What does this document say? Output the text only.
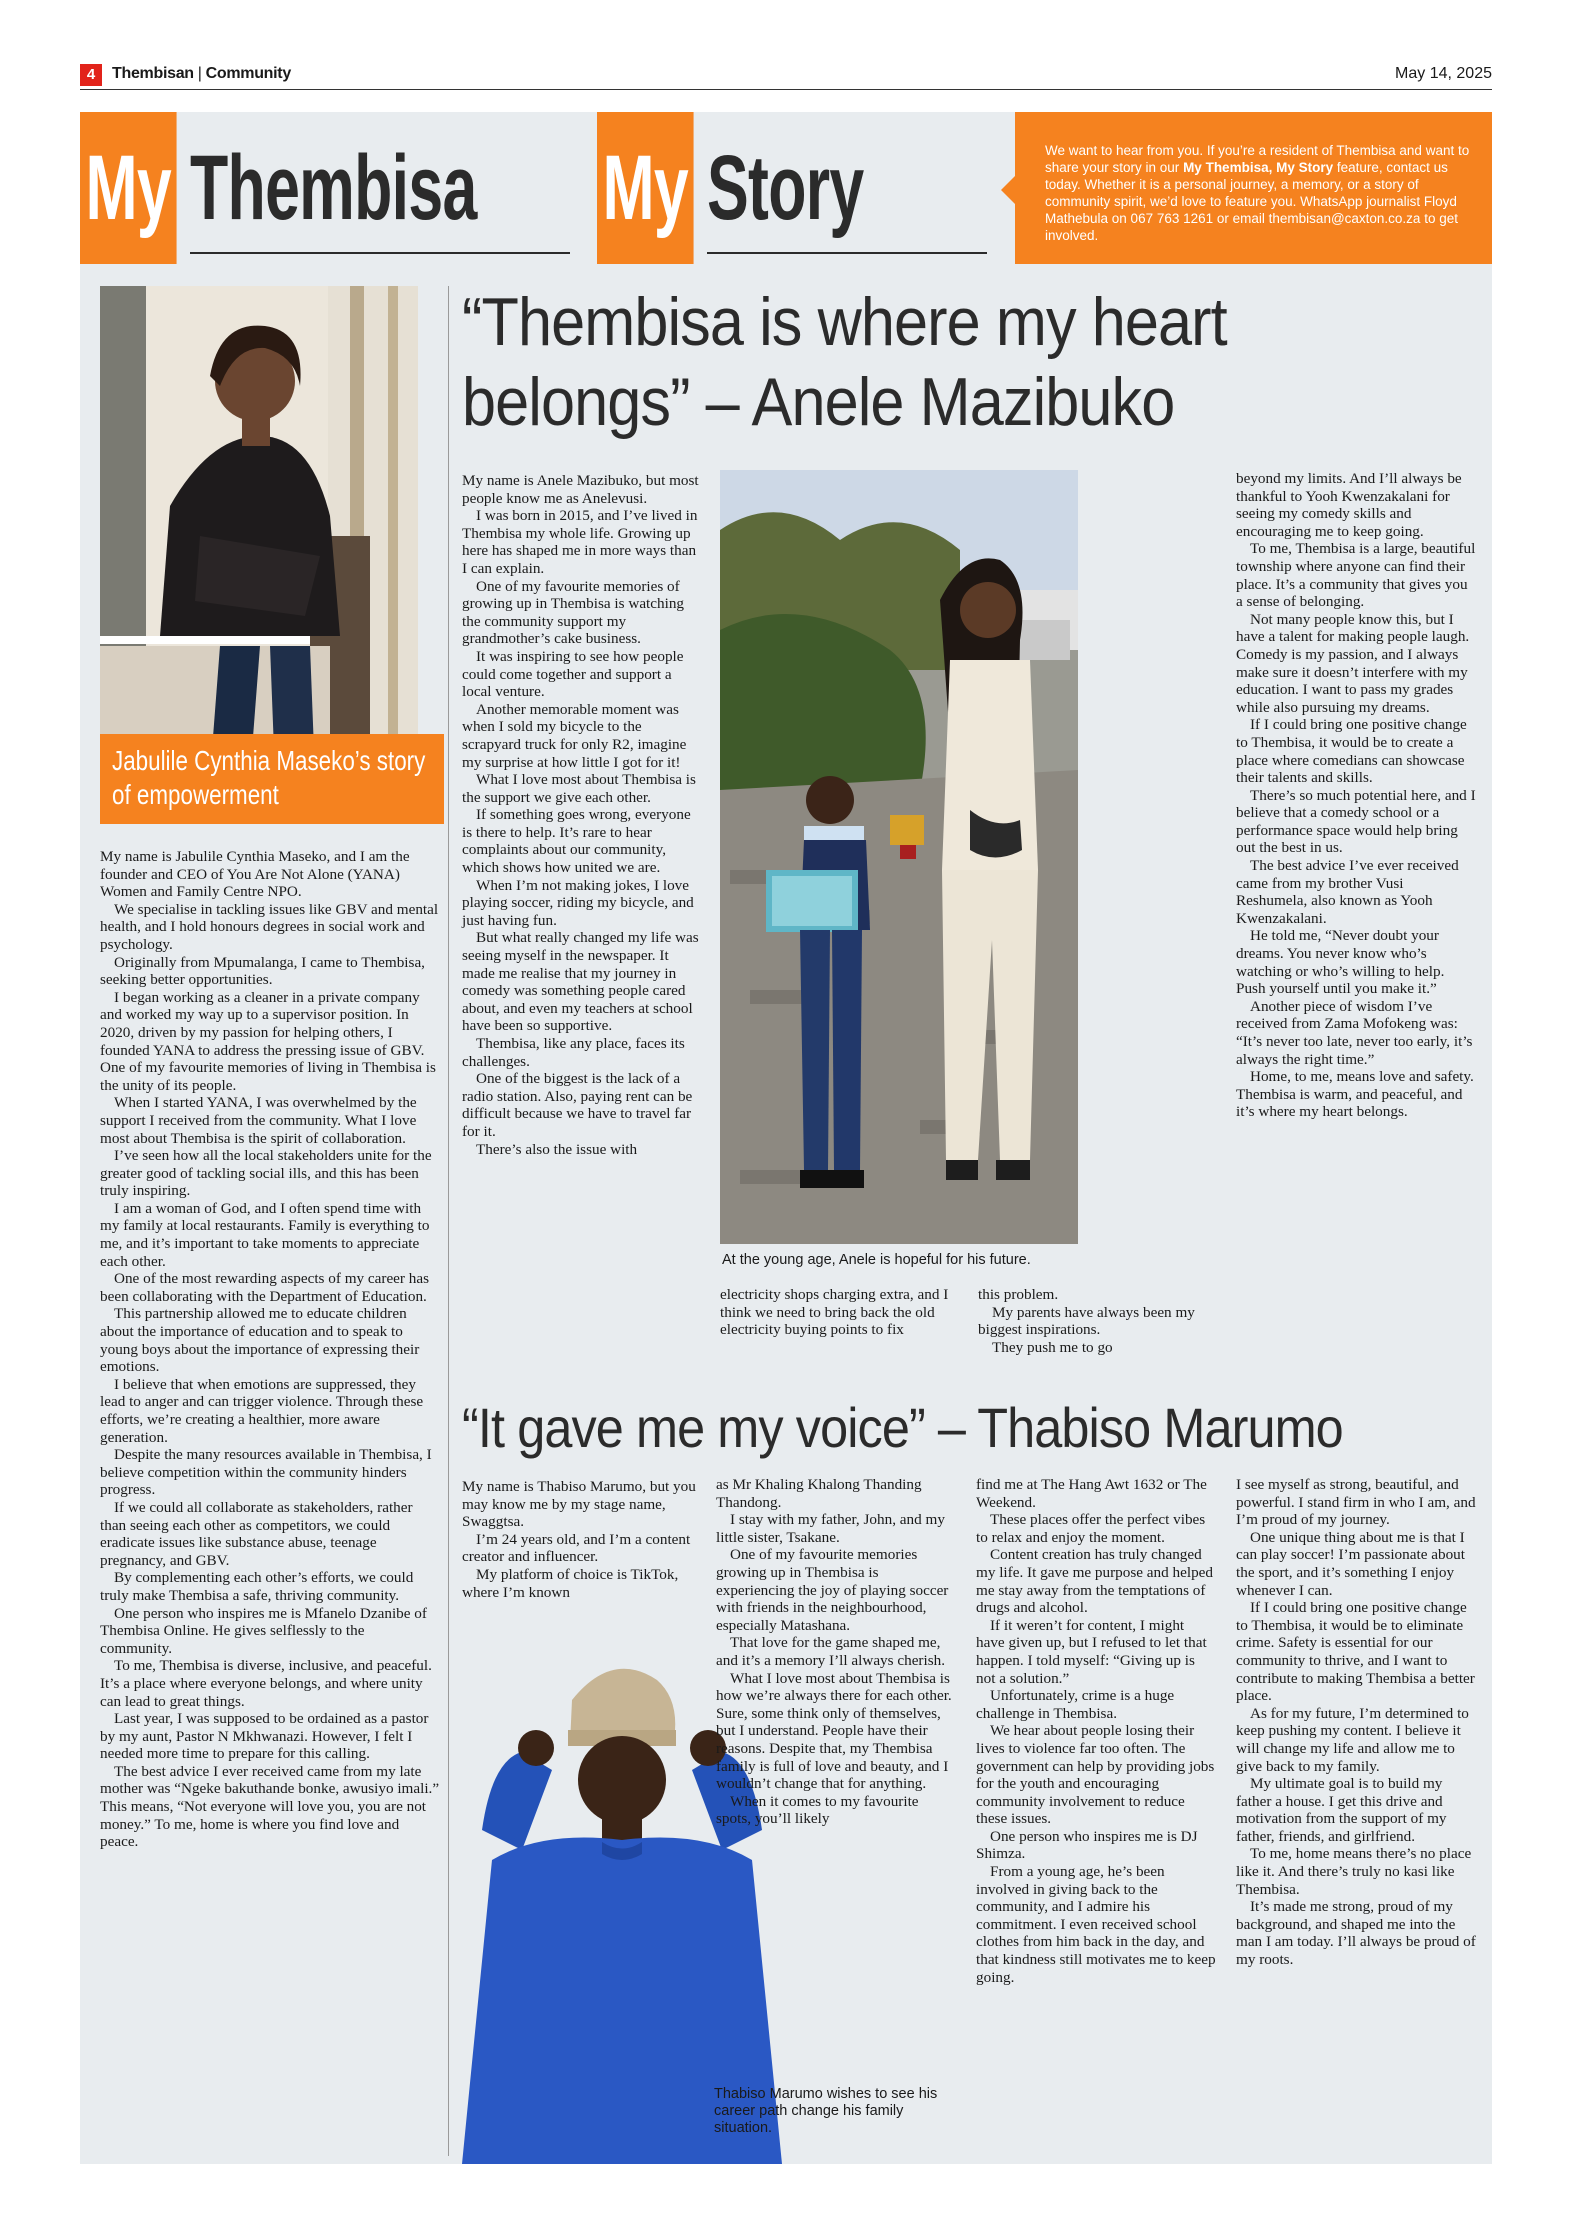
4	Thembisan | Community	May 14, 2025
My Thembisa My Story	We want to hear from you. If you’re a resident of Thembisa and want to share your story in our My Thembisa, My Story feature, contact us today. Whether it is a personal journey, a memory, or a story of community spirit, we’d love to feature you. WhatsApp journalist Floyd Mathebula on 067 763 1261 or email thembisan@caxton.co.za to get involved.
Jabulile Cynthia Maseko’s story of empowerment

My name is Jabulile Cynthia Maseko, and I am the founder and CEO of You Are Not Alone (YANA) Women and Family Centre NPO.

We specialise in tackling issues like GBV and mental health, and I hold honours degrees in social work and psychology.

Originally from Mpumalanga, I came to Thembisa, seeking better opportunities.

I began working as a cleaner in a private company and worked my way up to a supervisor position. In 2020, driven by my passion for helping others, I founded YANA to address the pressing issue of GBV. One of my favourite memories of living in Thembisa is the unity of its people.

When I started YANA, I was overwhelmed by the support I received from the community. What I love most about Thembisa is the spirit of collaboration.

I’ve seen how all the local stakeholders unite for the greater good of tackling social ills, and this has been truly inspiring.

I am a woman of God, and I often spend time with my family at local restaurants. Family is everything to me, and it’s important to take moments to appreciate each other.

One of the most rewarding aspects of my career has been collaborating with the Department of Education.

This partnership allowed me to educate children about the importance of education and to speak to young boys about the importance of expressing their emotions.

I believe that when emotions are suppressed, they lead to anger and can trigger violence. Through these efforts, we’re creating a healthier, more aware generation.

Despite the many resources available in Thembisa, I believe competition within the community hinders progress.

If we could all collaborate as stakeholders, rather than seeing each other as competitors, we could eradicate issues like substance abuse, teenage pregnancy, and GBV.

By complementing each other’s efforts, we could truly make Thembisa a safe, thriving community.

One person who inspires me is Mfanelo Dzanibe of Thembisa Online. He gives selflessly to the community.

To me, Thembisa is diverse, inclusive, and peaceful. It’s a place where everyone belongs, and where unity can lead to great things.

Last year, I was supposed to be ordained as a pastor by my aunt, Pastor N Mkhwanazi. However, I felt I needed more time to prepare for this calling.

The best advice I ever received came from my late mother was “Ngeke bakuthande bonke, awusiyo imali.” This means, “Not everyone will love you, you are not money.” To me, home is where you find love and peace.

“Thembisa is where my heart belongs” – Anele Mazibuko

My name is Anele Mazibuko, but most people know me as Anelevusi.

I was born in 2015, and I’ve lived in Thembisa my whole life. Growing up here has shaped me in more ways than I can explain.

One of my favourite memories of growing up in Thembisa is watching the community support my grandmother’s cake business.

It was inspiring to see how people could come together and support a local venture.

Another memorable moment was when I sold my bicycle to the scrapyard truck for only R2, imagine my surprise at how little I got for it!

What I love most about Thembisa is the support we give each other.

If something goes wrong, everyone is there to help. It’s rare to hear complaints about our community, which shows how united we are.

When I’m not making jokes, I love playing soccer, riding my bicycle, and just having fun.

But what really changed my life was seeing myself in the newspaper. It made me realise that my journey in comedy was something people cared about, and even my teachers at school have been so supportive.

Thembisa, like any place, faces its challenges.

One of the biggest is the lack of a radio station. Also, paying rent can be difficult because we have to travel far for it.

There’s also the issue with

At the young age, Anele is hopeful for his future.

electricity shops charging extra, and I think we need to bring back the old electricity buying points to fix

this problem.

My parents have always been my biggest inspirations.

They push me to go

beyond my limits. And I’ll always be thankful to Yooh Kwenzakalani for seeing my comedy skills and encouraging me to keep going.

To me, Thembisa is a large, beautiful township where anyone can find their place. It’s a community that gives you a sense of belonging.

Not many people know this, but I have a talent for making people laugh. Comedy is my passion, and I always make sure it doesn’t interfere with my education. I want to pass my grades while also pursuing my dreams.

If I could bring one positive change to Thembisa, it would be to create a place where comedians can showcase their talents and skills.

There’s so much potential here, and I believe that a comedy school or a performance space would help bring out the best in us.

The best advice I’ve ever received came from my brother Vusi Reshumela, also known as Yooh Kwenzakalani.

He told me, “Never doubt your dreams. You never know who’s watching or who’s willing to help. Push yourself until you make it.”

Another piece of wisdom I’ve received from Zama Mofokeng was: “It’s never too late, never too early, it’s always the right time.”

Home, to me, means love and safety. Thembisa is warm, and peaceful, and it’s where my heart belongs.

“It gave me my voice” – Thabiso Marumo

My name is Thabiso Marumo, but you may know me by my stage name, Swaggtsa.

I’m 24 years old, and I’m a content creator and influencer.

My platform of choice is TikTok, where I’m known

as Mr Khaling Khalong Thanding Thandong.

I stay with my father, John, and my little sister, Tsakane.

One of my favourite memories growing up in Thembisa is experiencing the joy of playing soccer with friends in the neighbourhood, especially Matashana.

That love for the game shaped me, and it’s a memory I’ll always cherish.

What I love most about Thembisa is how we’re always there for each other. Sure, some think only of themselves, but I understand. People have their reasons. Despite that, my Thembisa family is full of love and beauty, and I wouldn’t change that for anything.

When it comes to my favourite spots, you’ll likely

Thabiso Marumo wishes to see his career path change his family situation.

find me at The Hang Awt 1632 or The Weekend.

These places offer the perfect vibes to relax and enjoy the moment.

Content creation has truly changed my life. It gave me purpose and helped me stay away from the temptations of drugs and alcohol.

If it weren’t for content, I might have given up, but I refused to let that happen. I told myself: “Giving up is not a solution.”

Unfortunately, crime is a huge challenge in Thembisa.

We hear about people losing their lives to violence far too often. The government can help by providing jobs for the youth and encouraging community involvement to reduce these issues.

One person who inspires me is DJ Shimza.

From a young age, he’s been involved in giving back to the community, and I admire his commitment. I even received school clothes from him back in the day, and that kindness still motivates me to keep going.

I see myself as strong, beautiful, and powerful. I stand firm in who I am, and I’m proud of my journey.

One unique thing about me is that I can play soccer! I’m passionate about the sport, and it’s something I enjoy whenever I can.

If I could bring one positive change to Thembisa, it would be to eliminate crime. Safety is essential for our community to thrive, and I want to contribute to making Thembisa a better place.

As for my future, I’m determined to keep pushing my content. I believe it will change my life and allow me to give back to my family.

My ultimate goal is to build my father a house. I get this drive and motivation from the support of my father, friends, and girlfriend.

To me, home means there’s no place like it. And there’s truly no kasi like Thembisa.

It’s made me strong, proud of my background, and shaped me into the man I am today. I’ll always be proud of my roots.
